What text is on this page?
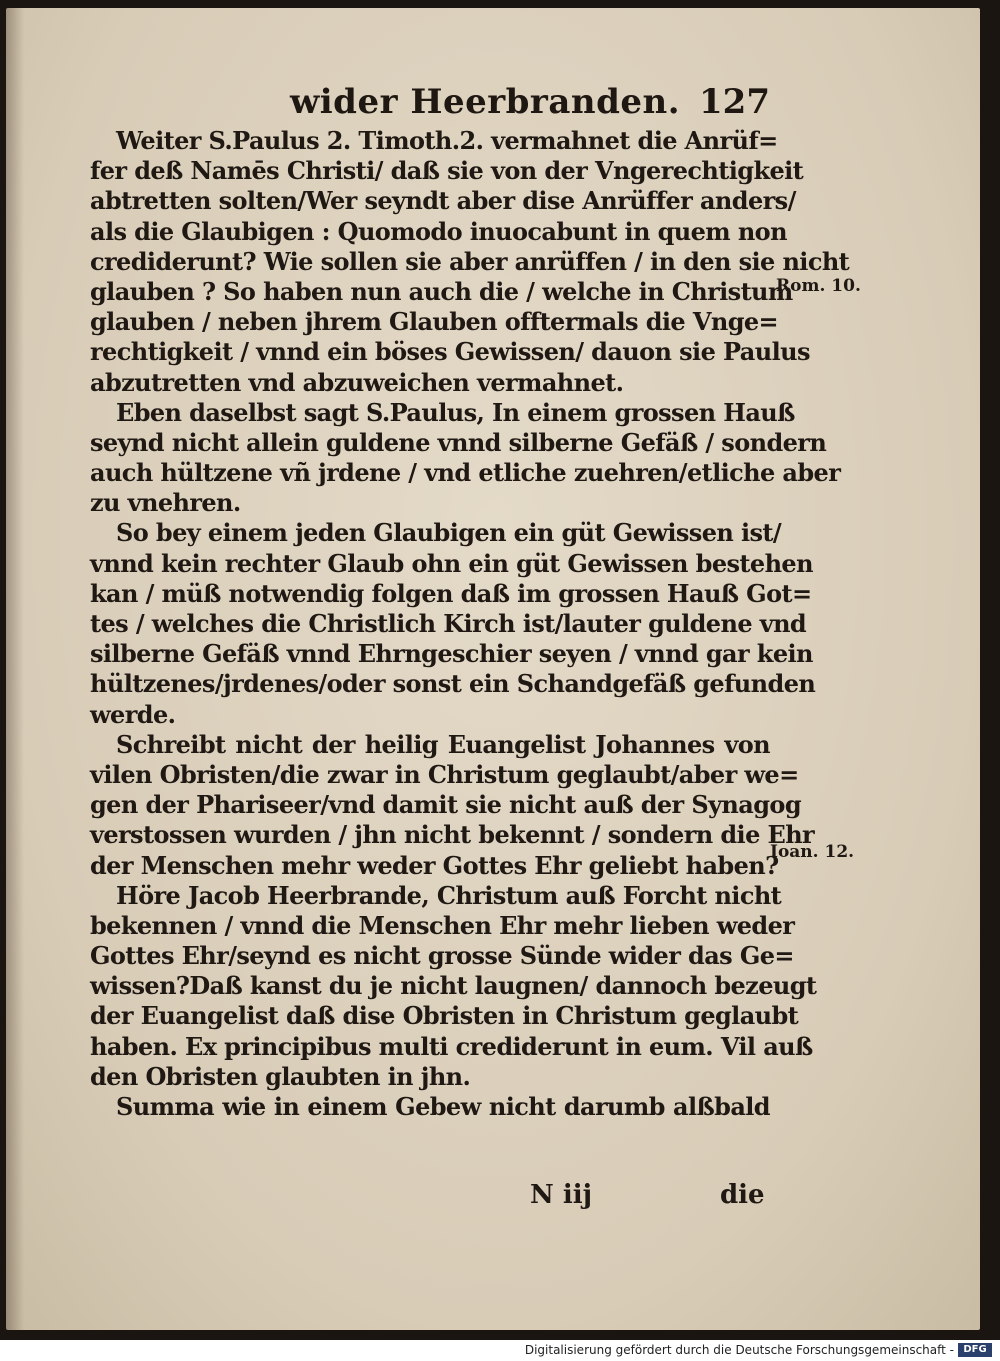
wider Heerbranden. 127
Weiter S.Paulus 2. Timoth.2. vermahnet die Anrüf=
fer deß Namēs Christi/ daß sie von der Vngerechtigkeit
abtretten solten/Wer seyndt aber dise Anrüffer anders/
als die Glaubigen : Quomodo inuocabunt in quem non
crediderunt? Wie sollen sie aber anrüffen / in den sie nicht
glauben ? So haben nun auch die / welche in Christum
glauben / neben jhrem Glauben offtermals die Vnge=
rechtigkeit / vnnd ein böses Gewissen/ dauon sie Paulus
abzutretten vnd abzuweichen vermahnet.
Eben daselbst sagt S.Paulus, In einem grossen Hauß
seynd nicht allein guldene vnnd silberne Gefäß / sondern
auch hültzene vñ jrdene / vnd etliche zuehren/etliche aber
zu vnehren.
So bey einem jeden Glaubigen ein güt Gewissen ist/
vnnd kein rechter Glaub ohn ein güt Gewissen bestehen
kan / müß notwendig folgen daß im grossen Hauß Got=
tes / welches die Christlich Kirch ist/lauter guldene vnd
silberne Gefäß vnnd Ehrngeschier seyen / vnnd gar kein
hültzenes/jrdenes/oder sonst ein Schandgefäß gefunden
werde.
Schreibt nicht der heilig Euangelist Johannes von
vilen Obristen/die zwar in Christum geglaubt/aber we=
gen der Phariseer/vnd damit sie nicht auß der Synagog
verstossen wurden / jhn nicht bekennt / sondern die Ehr
der Menschen mehr weder Gottes Ehr geliebt haben?
Höre Jacob Heerbrande, Christum auß Forcht nicht
bekennen / vnnd die Menschen Ehr mehr lieben weder
Gottes Ehr/seynd es nicht grosse Sünde wider das Ge=
wissen?Daß kanst du je nicht laugnen/ dannoch bezeugt
der Euangelist daß dise Obristen in Christum geglaubt
haben. Ex principibus multi crediderunt in eum. Vil auß
den Obristen glaubten in jhn.
Summa wie in einem Gebew nicht darumb alßbald
Rom. 10.
Ioan. 12.
N iij	die
Digitalisierung gefördert durch die Deutsche Forschungsgemeinschaft - DFG
